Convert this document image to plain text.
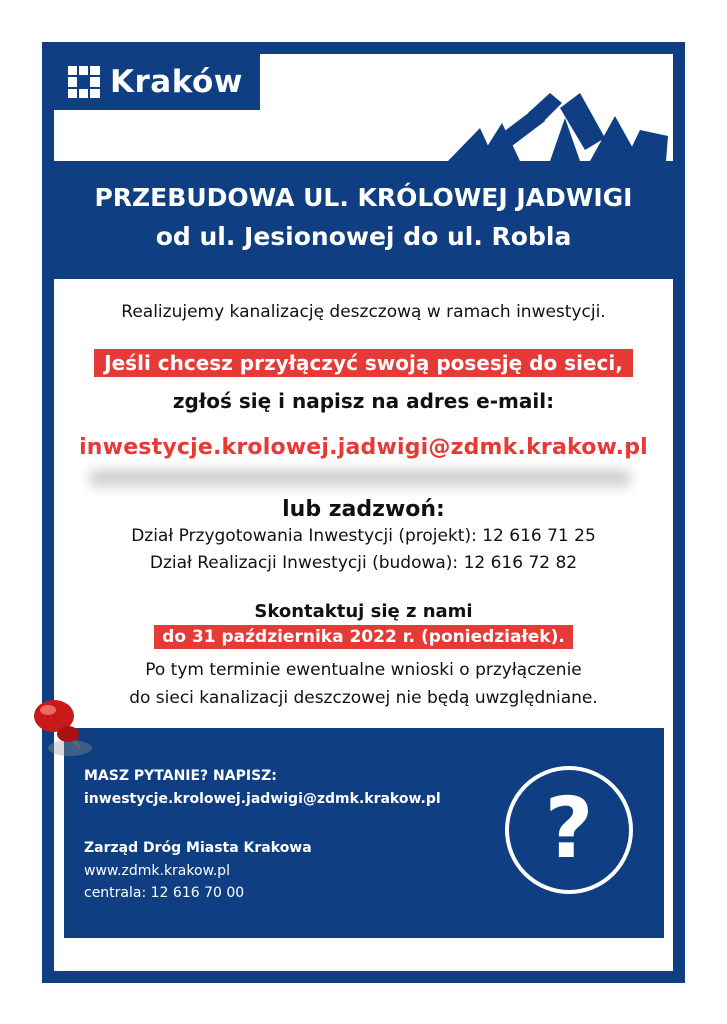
Kraków
PRZEBUDOWA UL. KRÓLOWEJ JADWIGI
od ul. Jesionowej do ul. Robla
Realizujemy kanalizację deszczową w ramach inwestycji.
Jeśli chcesz przyłączyć swoją posesję do sieci,
zgłoś się i napisz na adres e-mail:
inwestycje.krolowej.jadwigi@zdmk.krakow.pl
lub zadzwoń:
Dział Przygotowania Inwestycji (projekt): 12 616 71 25
Dział Realizacji Inwestycji (budowa): 12 616 72 82
Skontaktuj się z nami
do 31 października 2022 r. (poniedziałek).
Po tym terminie ewentualne wnioski o przyłączenie
do sieci kanalizacji deszczowej nie będą uwzględniane.
MASZ PYTANIE? NAPISZ:
inwestycje.krolowej.jadwigi@zdmk.krakow.pl
Zarząd Dróg Miasta Krakowa
www.zdmk.krakow.pl
centrala: 12 616 70 00
?
